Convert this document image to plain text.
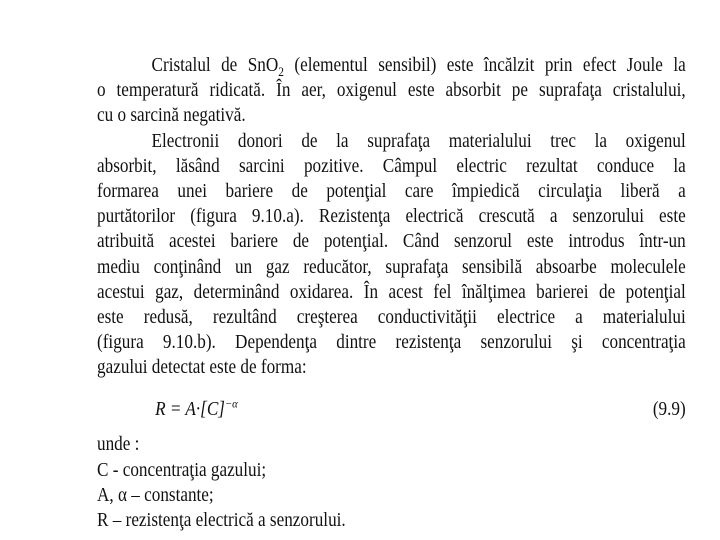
Cristalul de SnO$_2$ (elementul sensibil) este încălzit prin efect Joule la
o temperatură ridicată. În aer, oxigenul este absorbit pe suprafaţa cristalului,
cu o sarcină negativă.
Electronii donori de la suprafaţa materialului trec la oxigenul
absorbit, lăsând sarcini pozitive. Câmpul electric rezultat conduce la
formarea unei bariere de potenţial care împiedică circulaţia liberă a
purtătorilor (figura 9.10.a). Rezistenţa electrică crescută a senzorului este
atribuită acestei bariere de potenţial. Când senzorul este introdus într-un
mediu conţinând un gaz reducător, suprafaţa sensibilă absoarbe moleculele
acestui gaz, determinând oxidarea. În acest fel înălţimea barierei de potenţial
este redusă, rezultând creşterea conductivităţii electrice a materialului
(figura 9.10.b). Dependenţa dintre rezistenţa senzorului şi concentraţia
gazului detectat este de forma:
$R = A\cdot[C]^{-\alpha}$	(9.9)
unde :
C - concentraţia gazului;
A, α – constante;
R – rezistenţa electrică a senzorului.
